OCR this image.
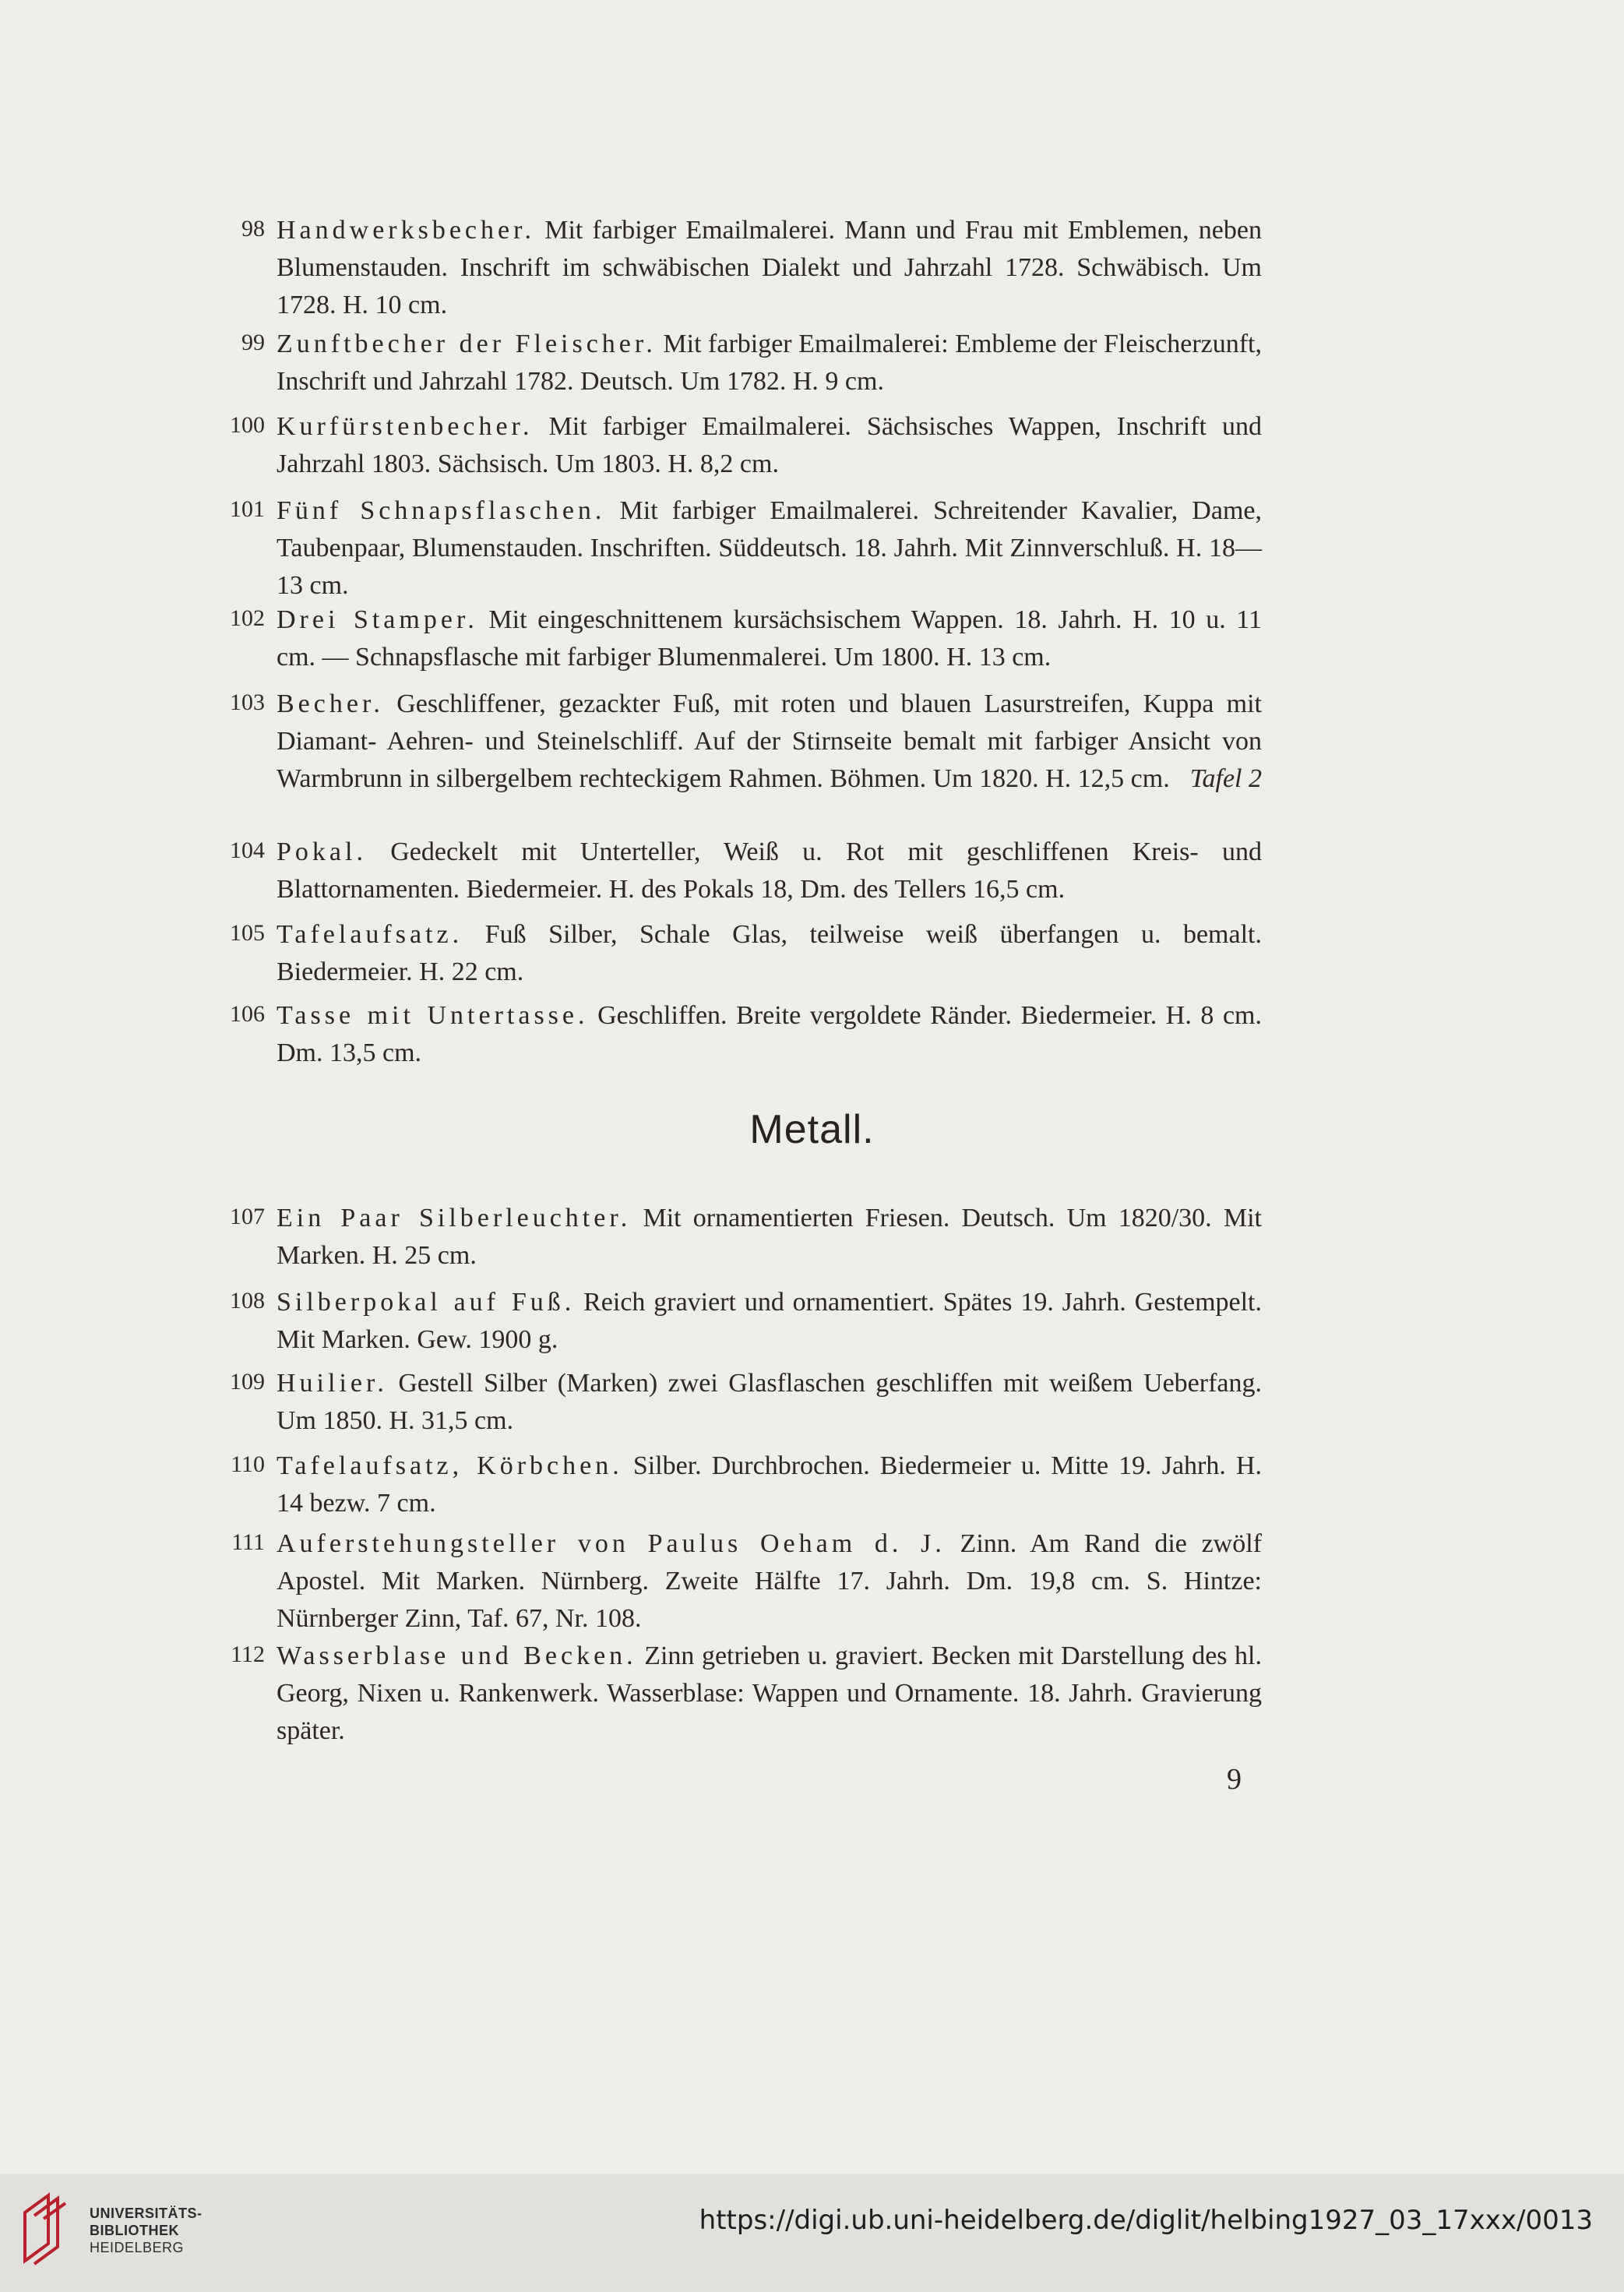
98 Handwerksbecher. Mit farbiger Emailmalerei. Mann und Frau mit Emblemen, neben Blumenstauden. Inschrift im schwäbischen Dialekt und Jahrzahl 1728. Schwäbisch. Um 1728. H. 10 cm.
99 Zunftbecher der Fleischer. Mit farbiger Emailmalerei: Embleme der Fleischerzunft, Inschrift und Jahrzahl 1782. Deutsch. Um 1782. H. 9 cm.
100 Kurfürstenbecher. Mit farbiger Emailmalerei. Sächsisches Wappen, Inschrift und Jahrzahl 1803. Sächsisch. Um 1803. H. 8,2 cm.
101 Fünf Schnapsflaschen. Mit farbiger Emailmalerei. Schreitender Kavalier, Dame, Taubenpaar, Blumenstauden. Inschriften. Süddeutsch. 18. Jahrh. Mit Zinnverschluß. H. 18—13 cm.
102 Drei Stamper. Mit eingeschnittenem kursächsischem Wappen. 18. Jahrh. H. 10 u. 11 cm. — Schnapsflasche mit farbiger Blumenmalerei. Um 1800. H. 13 cm.
103 Becher. Geschliffener, gezackter Fuß, mit roten und blauen Lasurstreifen, Kuppa mit Diamant- Aehren- und Steinelschliff. Auf der Stirnseite bemalt mit farbiger Ansicht von Warmbrunn in silbergelbem rechteckigem Rahmen. Böhmen. Um 1820. H. 12,5 cm. Tafel 2
104 Pokal. Gedeckelt mit Unterteller, Weiß u. Rot mit geschliffenen Kreis- und Blattornamenten. Biedermeier. H. des Pokals 18, Dm. des Tellers 16,5 cm.
105 Tafelaufsatz. Fuß Silber, Schale Glas, teilweise weiß überfangen u. bemalt. Biedermeier. H. 22 cm.
106 Tasse mit Untertasse. Geschliffen. Breite vergoldete Ränder. Biedermeier. H. 8 cm. Dm. 13,5 cm.
Metall.
107 Ein Paar Silberleuchter. Mit ornamentierten Friesen. Deutsch. Um 1820/30. Mit Marken. H. 25 cm.
108 Silberpokal auf Fuß. Reich graviert und ornamentiert. Spätes 19. Jahrh. Gestempelt. Mit Marken. Gew. 1900 g.
109 Huilier. Gestell Silber (Marken) zwei Glasflaschen geschliffen mit weißem Ueberfang. Um 1850. H. 31,5 cm.
110 Tafelaufsatz, Körbchen. Silber. Durchbrochen. Biedermeier u. Mitte 19. Jahrh. H. 14 bezw. 7 cm.
111 Auferstehungsteller von Paulus Oeham d. J. Zinn. Am Rand die zwölf Apostel. Mit Marken. Nürnberg. Zweite Hälfte 17. Jahrh. Dm. 19,8 cm. S. Hintze: Nürnberger Zinn, Taf. 67, Nr. 108.
112 Wasserblase und Becken. Zinn getrieben u. graviert. Becken mit Darstellung des hl. Georg, Nixen u. Rankenwerk. Wasserblase: Wappen und Ornamente. 18. Jahrh. Gravierung später.
9
UNIVERSITÄTS-
BIBLIOTHEK
HEIDELBERG
https://digi.ub.uni-heidelberg.de/diglit/helbing1927_03_17xxx/0013
